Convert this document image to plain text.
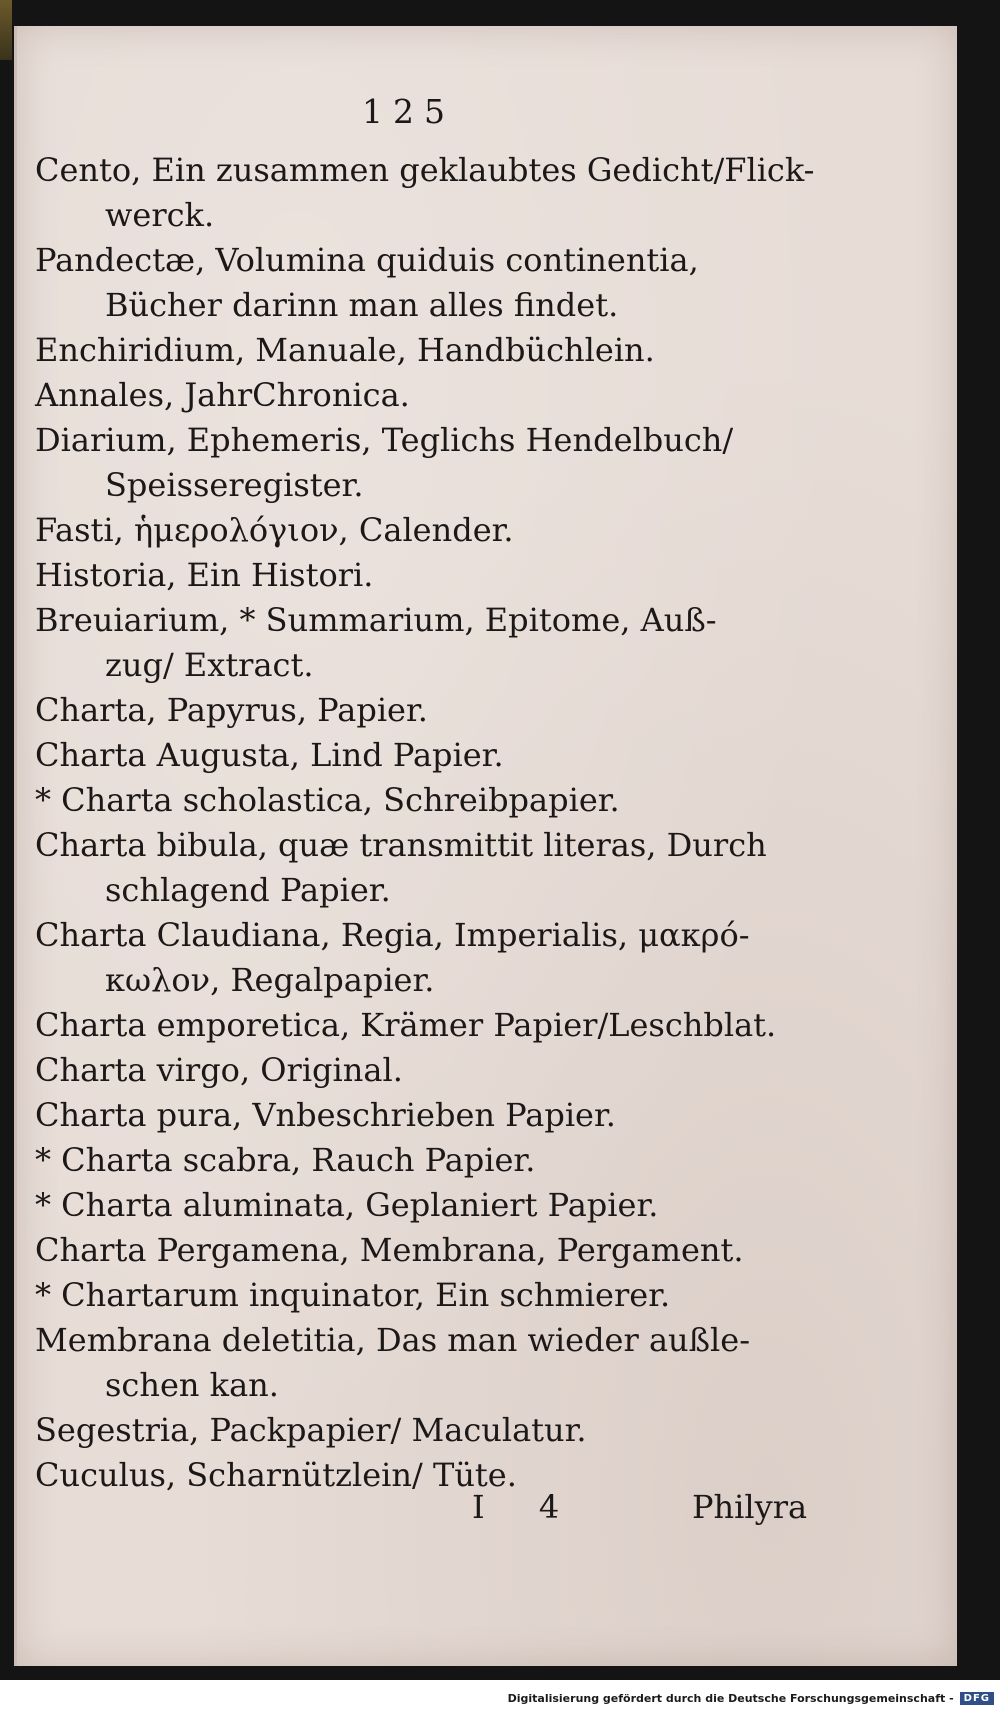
125
Cento, Ein zusammen geklaubtes Gedicht/Flick-
werck.
Pandectæ, Volumina quiduis continentia,
Bücher darinn man alles findet.
Enchiridium, Manuale, Handbüchlein.
Annales, JahrChronica.
Diarium, Ephemeris, Teglichs Hendelbuch/
Speisseregister.
Fasti, ἡμερολόγιον, Calender.
Historia, Ein Histori.
Breuiarium, * Summarium, Epitome, Auß-
zug/ Extract.
Charta, Papyrus, Papier.
Charta Augusta, Lind Papier.
* Charta scholastica, Schreibpapier.
Charta bibula, quæ transmittit literas, Durch
schlagend Papier.
Charta Claudiana, Regia, Imperialis, μακρό-
κωλον, Regalpapier.
Charta emporetica, Krämer Papier/Leschblat.
Charta virgo, Original.
Charta pura, Vnbeschrieben Papier.
* Charta scabra, Rauch Papier.
* Charta aluminata, Geplaniert Papier.
Charta Pergamena, Membrana, Pergament.
* Chartarum inquinator, Ein schmierer.
Membrana deletitia, Das man wieder außle-
schen kan.
Segestria, Packpapier/ Maculatur.
Cuculus, Scharnützlein/ Tüte.
I 4	Philyra
Digitalisierung gefördert durch die Deutsche Forschungsgemeinschaft -	DFG
